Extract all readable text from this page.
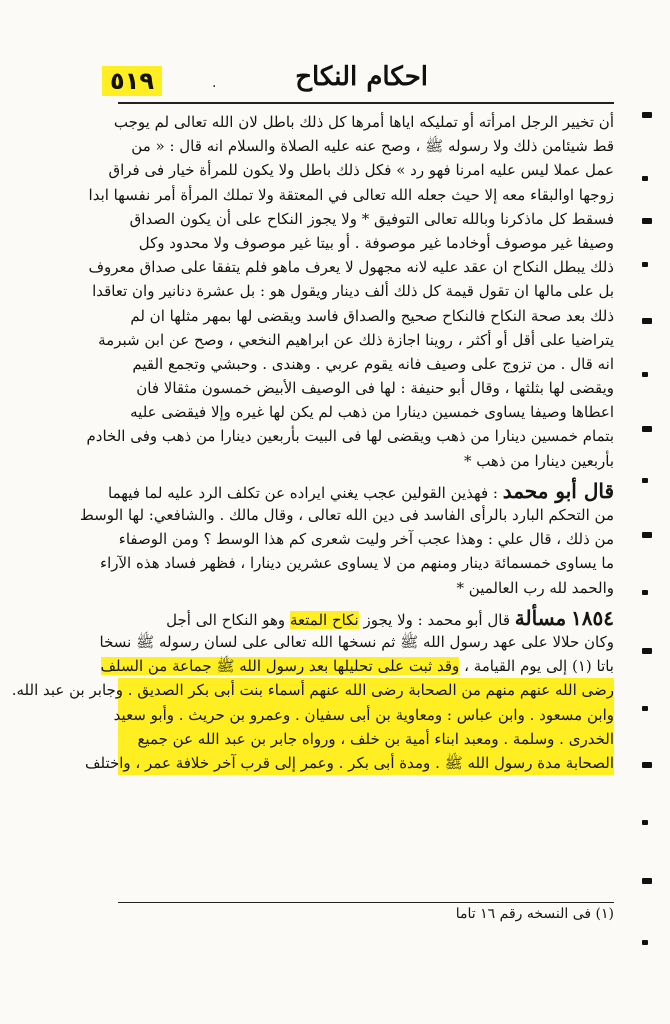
٥١٩	٠	احكام النكاح
أن تخيير الرجل امرأته أو تمليكه اياها أمرها كل ذلك باطل لان الله تعالى لم يوجب
قط شيئامن ذلك ولا رسوله ﷺ ، وصح عنه عليه الصلاة والسلام انه قال : « من
عمل عملا ليس عليه امرنا فهو رد » فكل ذلك باطل ولا يكون للمرأة خيار فى فراق
زوجها اوالبقاء معه إلا حيث جعله الله تعالى في المعتقة ولا تملك المرأة أمر نفسها ابدا
فسقط كل ماذكرنا وبالله تعالى التوفيق * ولا يجوز النكاح على أن يكون الصداق
وصيفا غير موصوف أوخادما غير موصوفة . أو بيتا غير موصوف ولا محدود وكل
ذلك يبطل النكاح ان عقد عليه لانه مجهول لا يعرف ماهو فلم يتفقا على صداق معروف
بل على مالها ان تقول قيمة كل ذلك ألف دينار ويقول هو : بل عشرة دنانير وان تعاقدا
ذلك بعد صحة النكاح فالنكاح صحيح والصداق فاسد ويقضى لها بمهر مثلها ان لم
يتراضيا على أقل أو أكثر ، روينا اجازة ذلك عن ابراهيم النخعي ، وصح عن ابن شبرمة
انه قال . من تزوج على وصيف فانه يقوم عربي . وهندى . وحبشي وتجمع القيم
ويقضى لها بثلثها ، وقال أبو حنيفة : لها فى الوصيف الأبيض خمسون مثقالا فان
اعطاها وصيفا يساوى خمسين دينارا من ذهب لم يكن لها غيره وإلا فيقضى عليه
بتمام خمسين دينارا من ذهب ويقضى لها فى البيت بأربعين دينارا من ذهب وفى الخادم
بأربعين دينارا من ذهب *
قال أبو محمد : فهذين القولين عجب يغني ايراده عن تكلف الرد عليه لما فيهما
من التحكم البارد بالرأى الفاسد فى دين الله تعالى ، وقال مالك . والشافعي: لها الوسط
من ذلك ، قال علي : وهذا عجب آخر وليت شعرى كم هذا الوسط ؟ ومن الوصفاء
ما يساوى خمسمائة دينار ومنهم من لا يساوى عشرين دينارا ، فظهر فساد هذه الآراء
والحمد لله رب العالمين *
١٨٥٤ مسألة قال أبو محمد : ولا يجوز نكاح المتعة وهو النكاح الى أجل
وكان حلالا على عهد رسول الله ﷺ ثم نسخها الله تعالى على لسان رسوله ﷺ نسخا
باتا (١) إلى يوم القيامة ، وقد ثبت على تحليلها بعد رسول الله ﷺ جماعة من السلف
رضى الله عنهم منهم من الصحابة رضى الله عنهم أسماء بنت أبى بكر الصديق . وجابر بن عبد الله.
وابن مسعود . وابن عباس : ومعاوية بن أبى سفيان . وعمرو بن حريث . وأبو سعيد
الخدرى . وسلمة . ومعبد ابناء أمية بن خلف ، ورواه جابر بن عبد الله عن جميع
الصحابة مدة رسول الله ﷺ . ومدة أبى بكر . وعمر إلى قرب آخر خلافة عمر ، واختلف
(١) فى النسخه رقم ١٦ تاما
